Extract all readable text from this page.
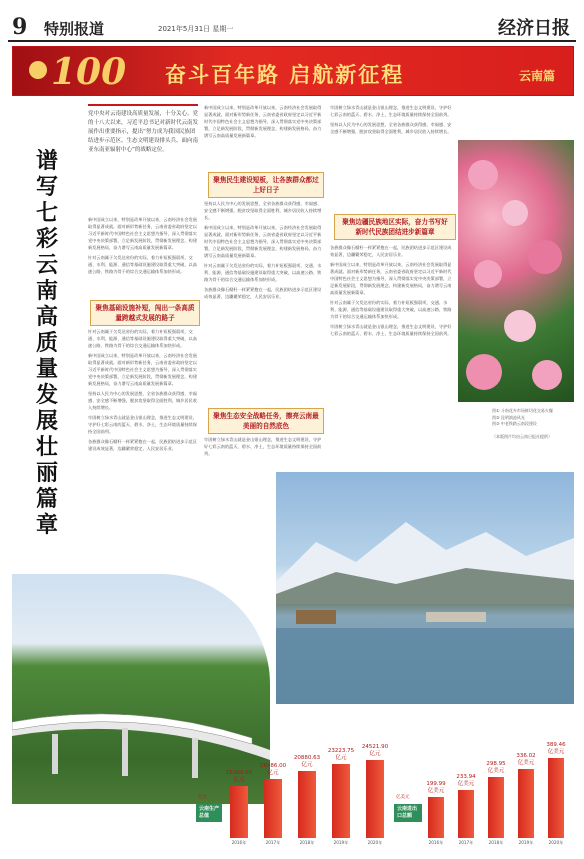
9 特别报道	2021年5月31日 星期一	经济日报
100 奋斗百年路 启航新征程	云南篇
谱写七彩云南高质量发展壮丽篇章
党中央对云南建设高质量发展，十分关心。党的十八大以来，习近平总书记对新时代云南发展作出重要指示，提出“努力成为我国民族团结进步示范区、生态文明建设排头兵、面向南亚东南亚辐射中心”的战略定位。

新中国成立以来，特别是改革开放以来，云南经济社会发展取得显著成就。面对新形势新任务，云南省委省政府坚定以习近平新时代中国特色社会主义思想为指导，深入贯彻落实党中央决策部署，立足新发展阶段，贯彻新发展理念，构建新发展格局，奋力谱写云南高质量发展新篇章。

针对云南属于欠发达省份的实际，着力补短板强弱项，交通、水利、能源、通信等基础设施建设取得重大突破，以高速公路、铁路为骨干的综合交通运输体系加快形成。

聚焦基础设施补短，闯出一条高质量跨越式发展的路子

针对云南属于欠发达省份的实际，着力补短板强弱项，交通、水利、能源、通信等基础设施建设取得重大突破，以高速公路、铁路为骨干的综合交通运输体系加快形成。

新中国成立以来，特别是改革开放以来，云南经济社会发展取得显著成就。面对新形势新任务，云南省委省政府坚定以习近平新时代中国特色社会主义思想为指导，深入贯彻落实党中央决策部署，立足新发展阶段，贯彻新发展理念，构建新发展格局，奋力谱写云南高质量发展新篇章。

坚持以人民为中心的发展思想，全省各族群众获得感、幸福感、安全感不断增强，脱贫攻坚取得全面胜利，城乡居民收入持续增长。

牢固树立绿水青山就是金山银山理念，推进生态文明建设，守护好七彩云南的蓝天、碧水、净土，生态环境质量持续保持全国前列。

各族群众像石榴籽一样紧紧抱在一起，民族团结进步示范区建设成效显著，边疆繁荣稳定，人民安居乐业。

新中国成立以来，特别是改革开放以来，云南经济社会发展取得显著成就。面对新形势新任务，云南省委省政府坚定以习近平新时代中国特色社会主义思想为指导，深入贯彻落实党中央决策部署，立足新发展阶段，贯彻新发展理念，构建新发展格局，奋力谱写云南高质量发展新篇章。

聚焦民生建设短板，让各族群众都过上好日子

坚持以人民为中心的发展思想，全省各族群众获得感、幸福感、安全感不断增强，脱贫攻坚取得全面胜利，城乡居民收入持续增长。

新中国成立以来，特别是改革开放以来，云南经济社会发展取得显著成就。面对新形势新任务，云南省委省政府坚定以习近平新时代中国特色社会主义思想为指导，深入贯彻落实党中央决策部署，立足新发展阶段，贯彻新发展理念，构建新发展格局，奋力谱写云南高质量发展新篇章。

针对云南属于欠发达省份的实际，着力补短板强弱项，交通、水利、能源、通信等基础设施建设取得重大突破，以高速公路、铁路为骨干的综合交通运输体系加快形成。

各族群众像石榴籽一样紧紧抱在一起，民族团结进步示范区建设成效显著，边疆繁荣稳定，人民安居乐业。

聚焦生态安全战略任务，擦亮云南最美丽的自然底色

牢固树立绿水青山就是金山银山理念，推进生态文明建设，守护好七彩云南的蓝天、碧水、净土，生态环境质量持续保持全国前列。

牢固树立绿水青山就是金山银山理念，推进生态文明建设，守护好七彩云南的蓝天、碧水、净土，生态环境质量持续保持全国前列。

坚持以人民为中心的发展思想，全省各族群众获得感、幸福感、安全感不断增强，脱贫攻坚取得全面胜利，城乡居民收入持续增长。

聚焦边疆民族地区实际，奋力书写好新时代民族团结进步新篇章

各族群众像石榴籽一样紧紧抱在一起，民族团结进步示范区建设成效显著，边疆繁荣稳定，人民安居乐业。

新中国成立以来，特别是改革开放以来，云南经济社会发展取得显著成就。面对新形势新任务，云南省委省政府坚定以习近平新时代中国特色社会主义思想为指导，深入贯彻落实党中央决策部署，立足新发展阶段，贯彻新发展理念，构建新发展格局，奋力谱写云南高质量发展新篇章。

针对云南属于欠发达省份的实际，着力补短板强弱项，交通、水利、能源、通信等基础设施建设取得重大突破，以高速公路、铁路为骨干的综合交通运输体系加快形成。

牢固树立绿水青山就是金山银山理念，推进生态文明建设，守护好七彩云南的蓝天、碧水、净土，生态环境质量持续保持全国前列。

图① 斗南花卉市场鲜切花交易火爆
图② 昆明滇池风光
图③ 中老铁路云南段建设
（本版图片均由云南日报社提供）
云南生产总值
亿元
16369.00
亿元
2016年
18486.00
亿元
2017年
20880.63
亿元
2018年
23223.75
亿元
2019年
24521.90
亿元
2020年
云南进出口总额
亿美元
199.99
亿美元
2016年
233.94
亿美元
2017年
298.95
亿美元
2018年
336.02
亿美元
2019年
389.46
亿美元
2020年
